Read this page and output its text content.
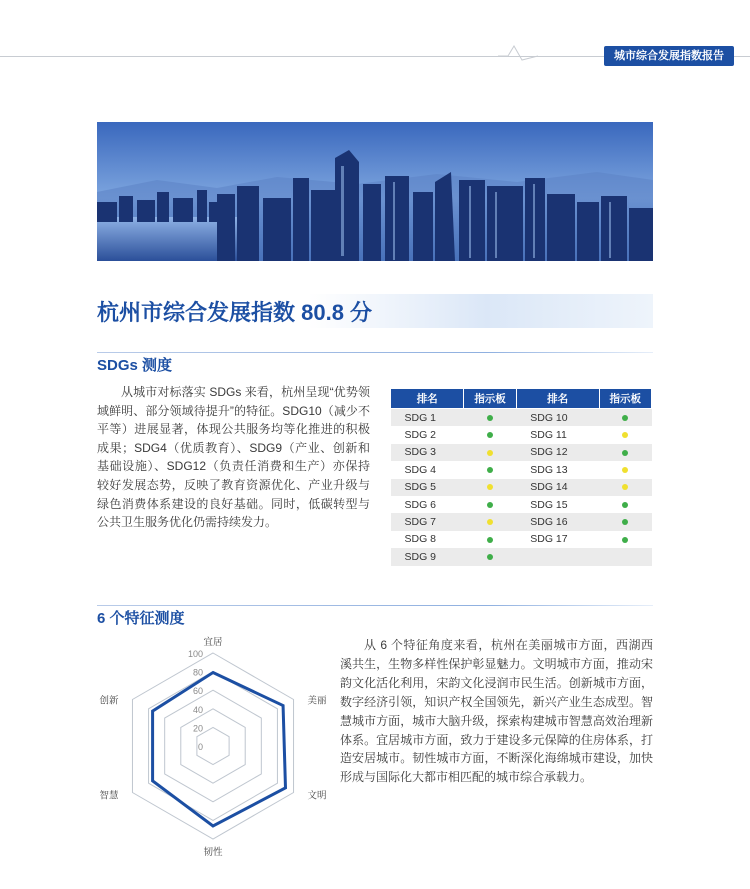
城市综合发展指数报告
杭州市综合发展指数 80.8 分
SDGs 测度
从城市对标落实 SDGs 来看，杭州呈现“优势领域鲜明、部分领域待提升”的特征。SDG10（减少不平等）进展显著，体现公共服务均等化推进的积极成果；SDG4（优质教育）、SDG9（产业、创新和基础设施）、SDG12（负责任消费和生产）亦保持较好发展态势，反映了教育资源优化、产业升级与绿色消费体系建设的良好基础。同时，低碳转型与公共卫生服务优化仍需持续发力。
排名	指示板	排名	指示板
SDG 1		SDG 10	
SDG 2		SDG 11	
SDG 3		SDG 12	
SDG 4		SDG 13	
SDG 5		SDG 14	
SDG 6		SDG 15	
SDG 7		SDG 16	
SDG 8		SDG 17	
SDG 9			
6 个特征测度
从 6 个特征角度来看，杭州在美丽城市方面，西湖西溪共生，生物多样性保护彰显魅力。文明城市方面，推动宋韵文化活化利用，宋韵文化浸润市民生活。创新城市方面，数字经济引领，知识产权全国领先，新兴产业生态成型。智慧城市方面，城市大脑升级，探索构建城市智慧高效治理新体系。宜居城市方面，致力于建设多元保障的住房体系，打造安居城市。韧性城市方面，不断深化海绵城市建设，加快形成与国际化大都市相匹配的城市综合承载力。
0
20
40
60
80
100
宜居
美丽
文明
韧性
智慧
创新
